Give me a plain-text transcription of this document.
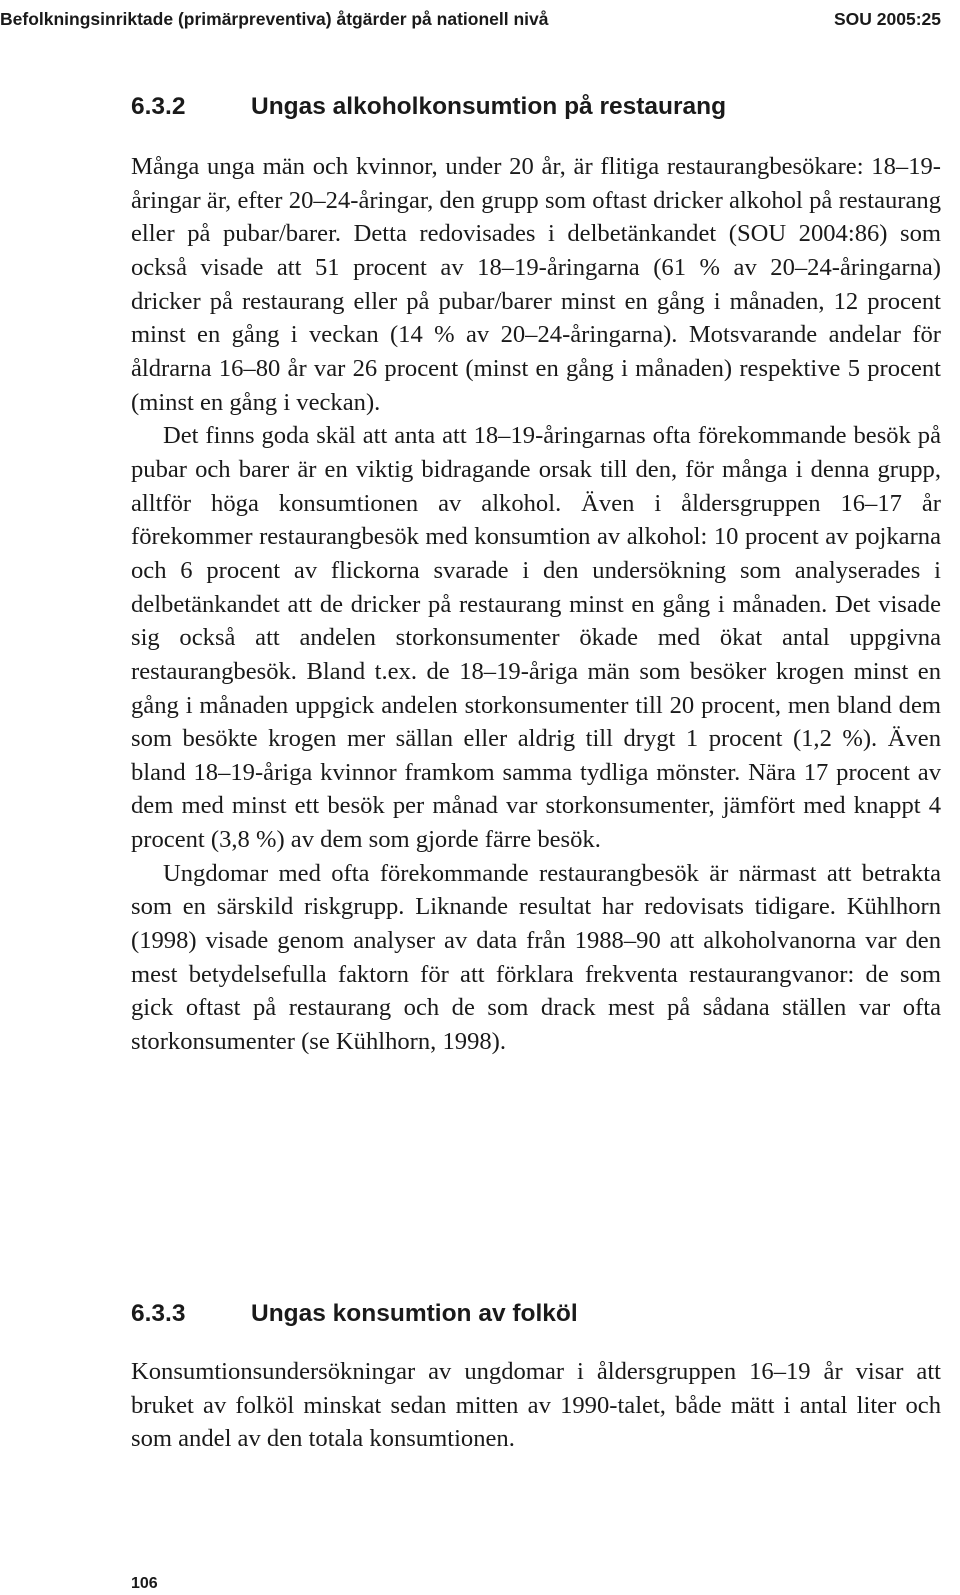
Befolkningsinriktade (primärpreventiva) åtgärder på nationell nivå	SOU 2005:25
6.3.2	Ungas alkoholkonsumtion på restaurang

Många unga män och kvinnor, under 20 år, är flitiga restaurangbesökare: 18–19-åringar är, efter 20–24-åringar, den grupp som oftast dricker alkohol på restaurang eller på pubar/barer. Detta redovisades i delbetänkandet (SOU 2004:86) som också visade att 51 procent av 18–19-åringarna (61 % av 20–24-åringarna) dricker på restaurang eller på pubar/barer minst en gång i månaden, 12 procent minst en gång i veckan (14 % av 20–24-åringarna). Motsvarande andelar för åldrarna 16–80 år var 26 procent (minst en gång i månaden) respektive 5 procent (minst en gång i veckan).

Det finns goda skäl att anta att 18–19-åringarnas ofta förekommande besök på pubar och barer är en viktig bidragande orsak till den, för många i denna grupp, alltför höga konsumtionen av alkohol. Även i åldersgruppen 16–17 år förekommer restaurangbesök med konsumtion av alkohol: 10 procent av pojkarna och 6 procent av flickorna svarade i den undersökning som analyserades i delbetänkandet att de dricker på restaurang minst en gång i månaden. Det visade sig också att andelen storkonsumenter ökade med ökat antal uppgivna restaurangbesök. Bland t.ex. de 18–19-åriga män som besöker krogen minst en gång i månaden uppgick andelen storkonsumenter till 20 procent, men bland dem som besökte krogen mer sällan eller aldrig till drygt 1 procent (1,2 %). Även bland 18–19-åriga kvinnor framkom samma tydliga mönster. Nära 17 procent av dem med minst ett besök per månad var storkonsumenter, jämfört med knappt 4 procent (3,8 %) av dem som gjorde färre besök.

Ungdomar med ofta förekommande restaurangbesök är närmast att betrakta som en särskild riskgrupp. Liknande resultat har redovisats tidigare. Kühlhorn (1998) visade genom analyser av data från 1988–90 att alkoholvanorna var den mest betydelsefulla faktorn för att förklara frekventa restaurangvanor: de som gick oftast på restaurang och de som drack mest på sådana ställen var ofta storkonsumenter (se Kühlhorn, 1998).

6.3.3	Ungas konsumtion av folköl

Konsumtionsundersökningar av ungdomar i åldersgruppen 16–19 år visar att bruket av folköl minskat sedan mitten av 1990-talet, både mätt i antal liter och som andel av den totala konsumtionen.

106
